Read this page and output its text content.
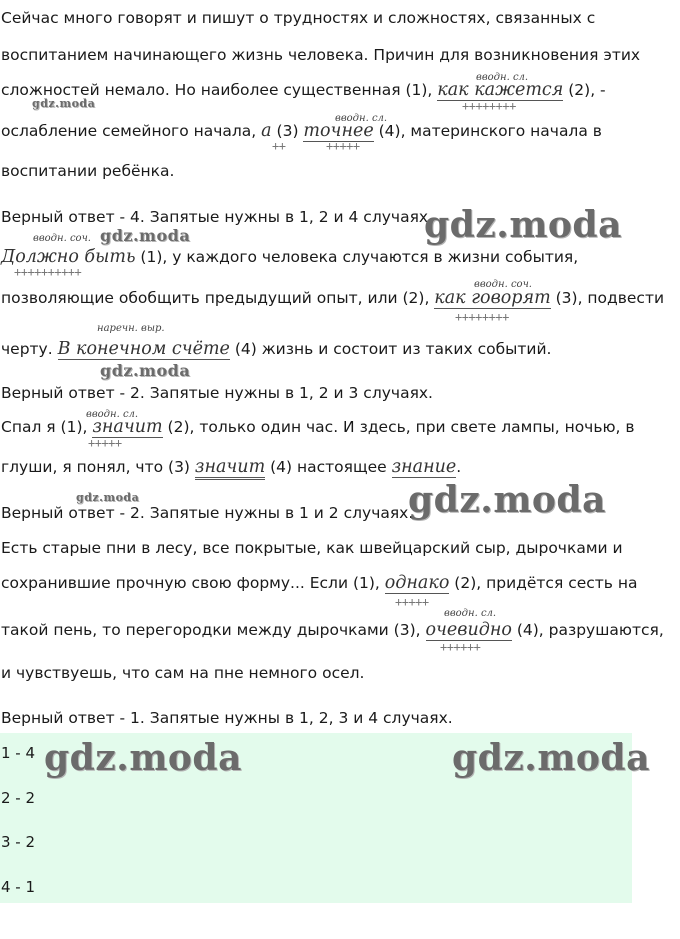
Сейчас много говорят и пишут о трудностях и сложностях, связанных с
воспитанием начинающего жизнь человека. Причин для возникновения этих
вводн. сл.
сложностей немало. Но наиболее существенная (1), как кажется (2), -
++++++++
вводн. сл.
ослабление семейного начала, а (3) точнее (4), материнского начала в
++	+++++
воспитании ребёнка.
Верный ответ - 4. Запятые нужны в 1, 2 и 4 случаях.
вводн. соч.
Должно быть (1), у каждого человека случаются в жизни события,
++++++++++
вводн. соч.
позволяющие обобщить предыдущий опыт, или (2), как говорят (3), подвести
++++++++
наречн. выр.
черту. В конечном счёте (4) жизнь и состоит из таких событий.
Верный ответ - 2. Запятые нужны в 1, 2 и 3 случаях.
вводн. сл.
Спал я (1), значит (2), только один час. И здесь, при свете лампы, ночью, в
+++++
глуши, я понял, что (3) значит (4) настоящее знание.
Верный ответ - 2. Запятые нужны в 1 и 2 случаях.
Есть старые пни в лесу, все покрытые, как швейцарский сыр, дырочками и
сохранившие прочную свою форму... Если (1), однако (2), придётся сесть на
+++++
вводн. сл.
такой пень, то перегородки между дырочками (3), очевидно (4), разрушаются,
++++++
и чувствуешь, что сам на пне немного осел.
Верный ответ - 1. Запятые нужны в 1, 2, 3 и 4 случаях.
1 - 4
2 - 2
3 - 2
4 - 1
gdz.moda
gdz.moda
gdz.moda
gdz.moda
gdz.moda	gdz.moda
gdz.moda	gdz.moda
